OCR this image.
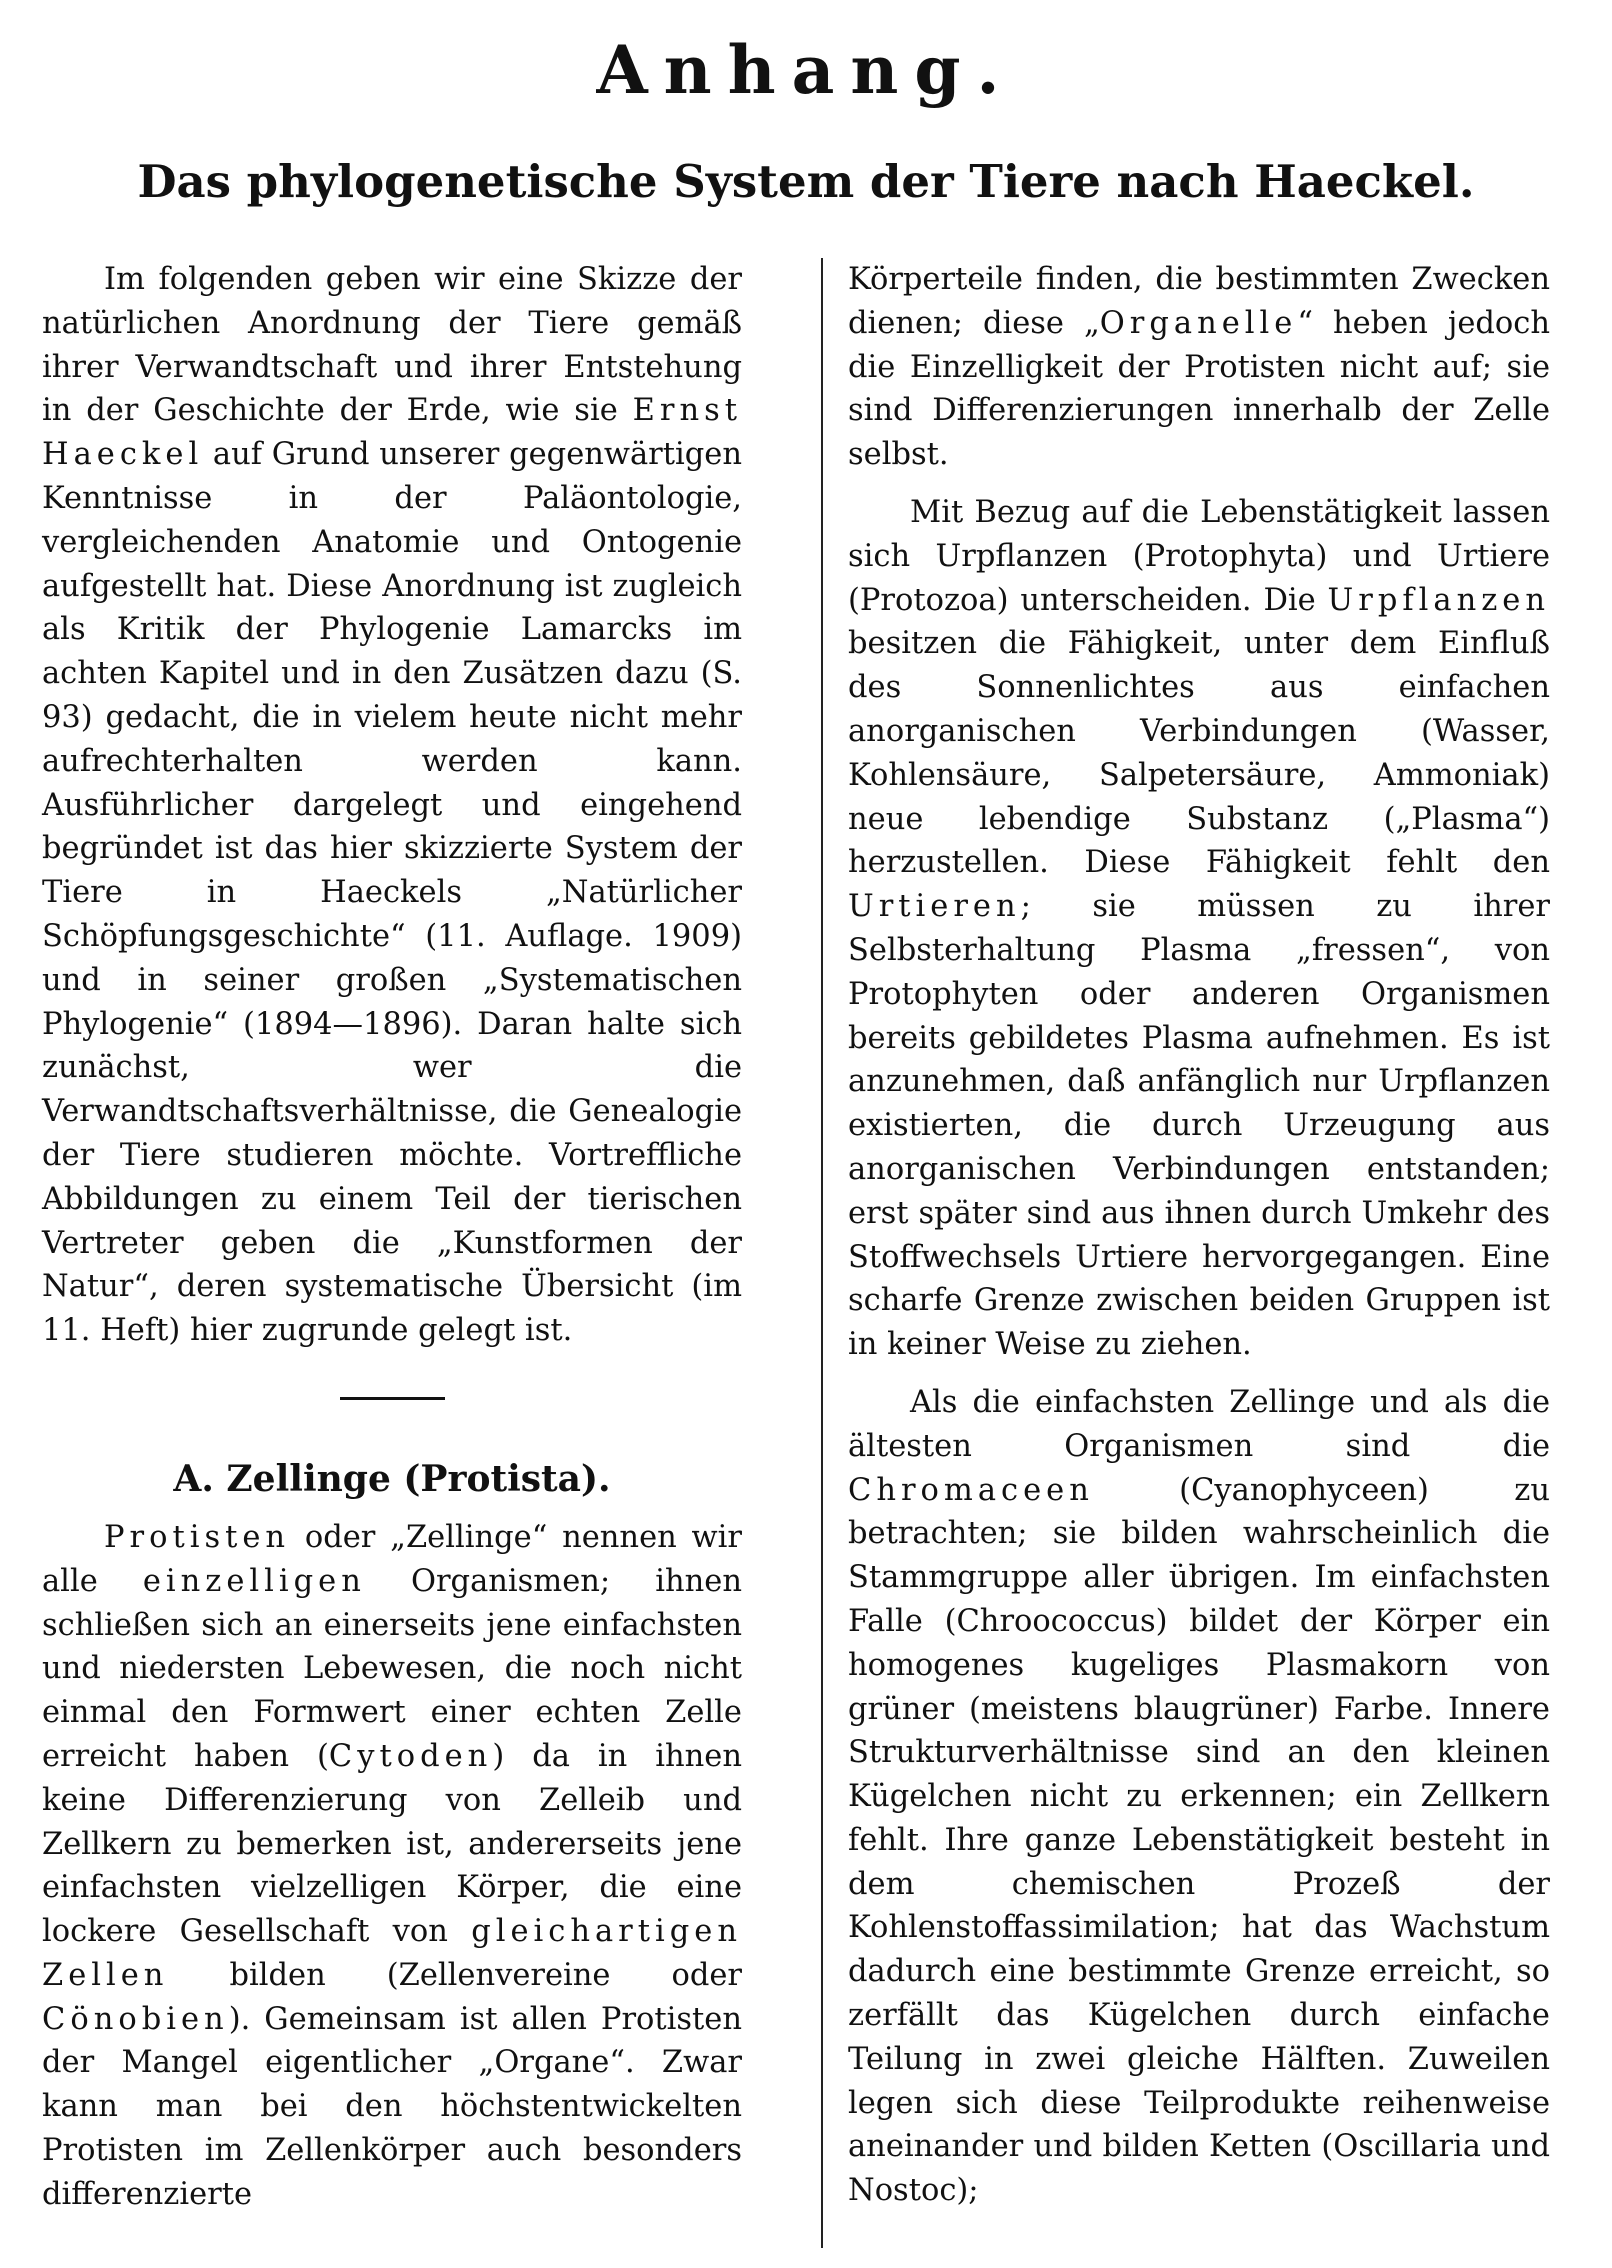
Anhang.
Das phylogenetische System der Tiere nach Haeckel.

Im folgenden geben wir eine Skizze der natürlichen Anordnung der Tiere gemäß ihrer Verwandtschaft und ihrer Entstehung in der Geschichte der Erde, wie sie Ernst Haeckel auf Grund unserer gegenwärtigen Kenntnisse in der Paläontologie, vergleichenden Anatomie und Ontogenie aufgestellt hat. Diese Anordnung ist zugleich als Kritik der Phylogenie Lamarcks im achten Kapitel und in den Zusätzen dazu (S. 93) gedacht, die in vielem heute nicht mehr aufrechterhalten werden kann. Ausführlicher dargelegt und eingehend begründet ist das hier skizzierte System der Tiere in Haeckels „Natürlicher Schöpfungsgeschichte“ (11. Auflage. 1909) und in seiner großen „Systematischen Phylogenie“ (1894—1896). Daran halte sich zunächst, wer die Verwandtschaftsverhältnisse, die Genealogie der Tiere studieren möchte. Vortreffliche Abbildungen zu einem Teil der tierischen Vertreter geben die „Kunstformen der Natur“, deren systematische Übersicht (im 11. Heft) hier zugrunde gelegt ist.

A. Zellinge (Protista).

Protisten oder „Zellinge“ nennen wir alle einzelligen Organismen; ihnen schließen sich an einerseits jene einfachsten und niedersten Lebewesen, die noch nicht einmal den Formwert einer echten Zelle erreicht haben (Cytoden) da in ihnen keine Differenzierung von Zelleib und Zellkern zu bemerken ist, andererseits jene einfachsten vielzelligen Körper, die eine lockere Gesellschaft von gleichartigen Zellen bilden (Zellenvereine oder Cönobien). Gemeinsam ist allen Protisten der Mangel eigentlicher „Organe“. Zwar kann man bei den höchstentwickelten Protisten im Zellenkörper auch besonders differenzierte

Körperteile finden, die bestimmten Zwecken dienen; diese „Organelle“ heben jedoch die Einzelligkeit der Protisten nicht auf; sie sind Differenzierungen innerhalb der Zelle selbst.

Mit Bezug auf die Lebenstätigkeit lassen sich Urpflanzen (Protophyta) und Urtiere (Protozoa) unterscheiden. Die Urpflanzen besitzen die Fähigkeit, unter dem Einfluß des Sonnenlichtes aus einfachen anorganischen Verbindungen (Wasser, Kohlensäure, Salpetersäure, Ammoniak) neue lebendige Substanz („Plasma“) herzustellen. Diese Fähigkeit fehlt den Urtieren; sie müssen zu ihrer Selbsterhaltung Plasma „fressen“, von Protophyten oder anderen Organismen bereits gebildetes Plasma aufnehmen. Es ist anzunehmen, daß anfänglich nur Urpflanzen existierten, die durch Urzeugung aus anorganischen Verbindungen entstanden; erst später sind aus ihnen durch Umkehr des Stoffwechsels Urtiere hervorgegangen. Eine scharfe Grenze zwischen beiden Gruppen ist in keiner Weise zu ziehen.

Als die einfachsten Zellinge und als die ältesten Organismen sind die Chromaceen (Cyanophyceen) zu betrachten; sie bilden wahrscheinlich die Stammgruppe aller übrigen. Im einfachsten Falle (Chroococcus) bildet der Körper ein homogenes kugeliges Plasmakorn von grüner (meistens blaugrüner) Farbe. Innere Strukturverhältnisse sind an den kleinen Kügelchen nicht zu erkennen; ein Zellkern fehlt. Ihre ganze Lebenstätigkeit besteht in dem chemischen Prozeß der Kohlenstoffassimilation; hat das Wachstum dadurch eine bestimmte Grenze erreicht, so zerfällt das Kügelchen durch einfache Teilung in zwei gleiche Hälften. Zuweilen legen sich diese Teilprodukte reihenweise aneinander und bilden Ketten (Oscillaria und Nostoc);
